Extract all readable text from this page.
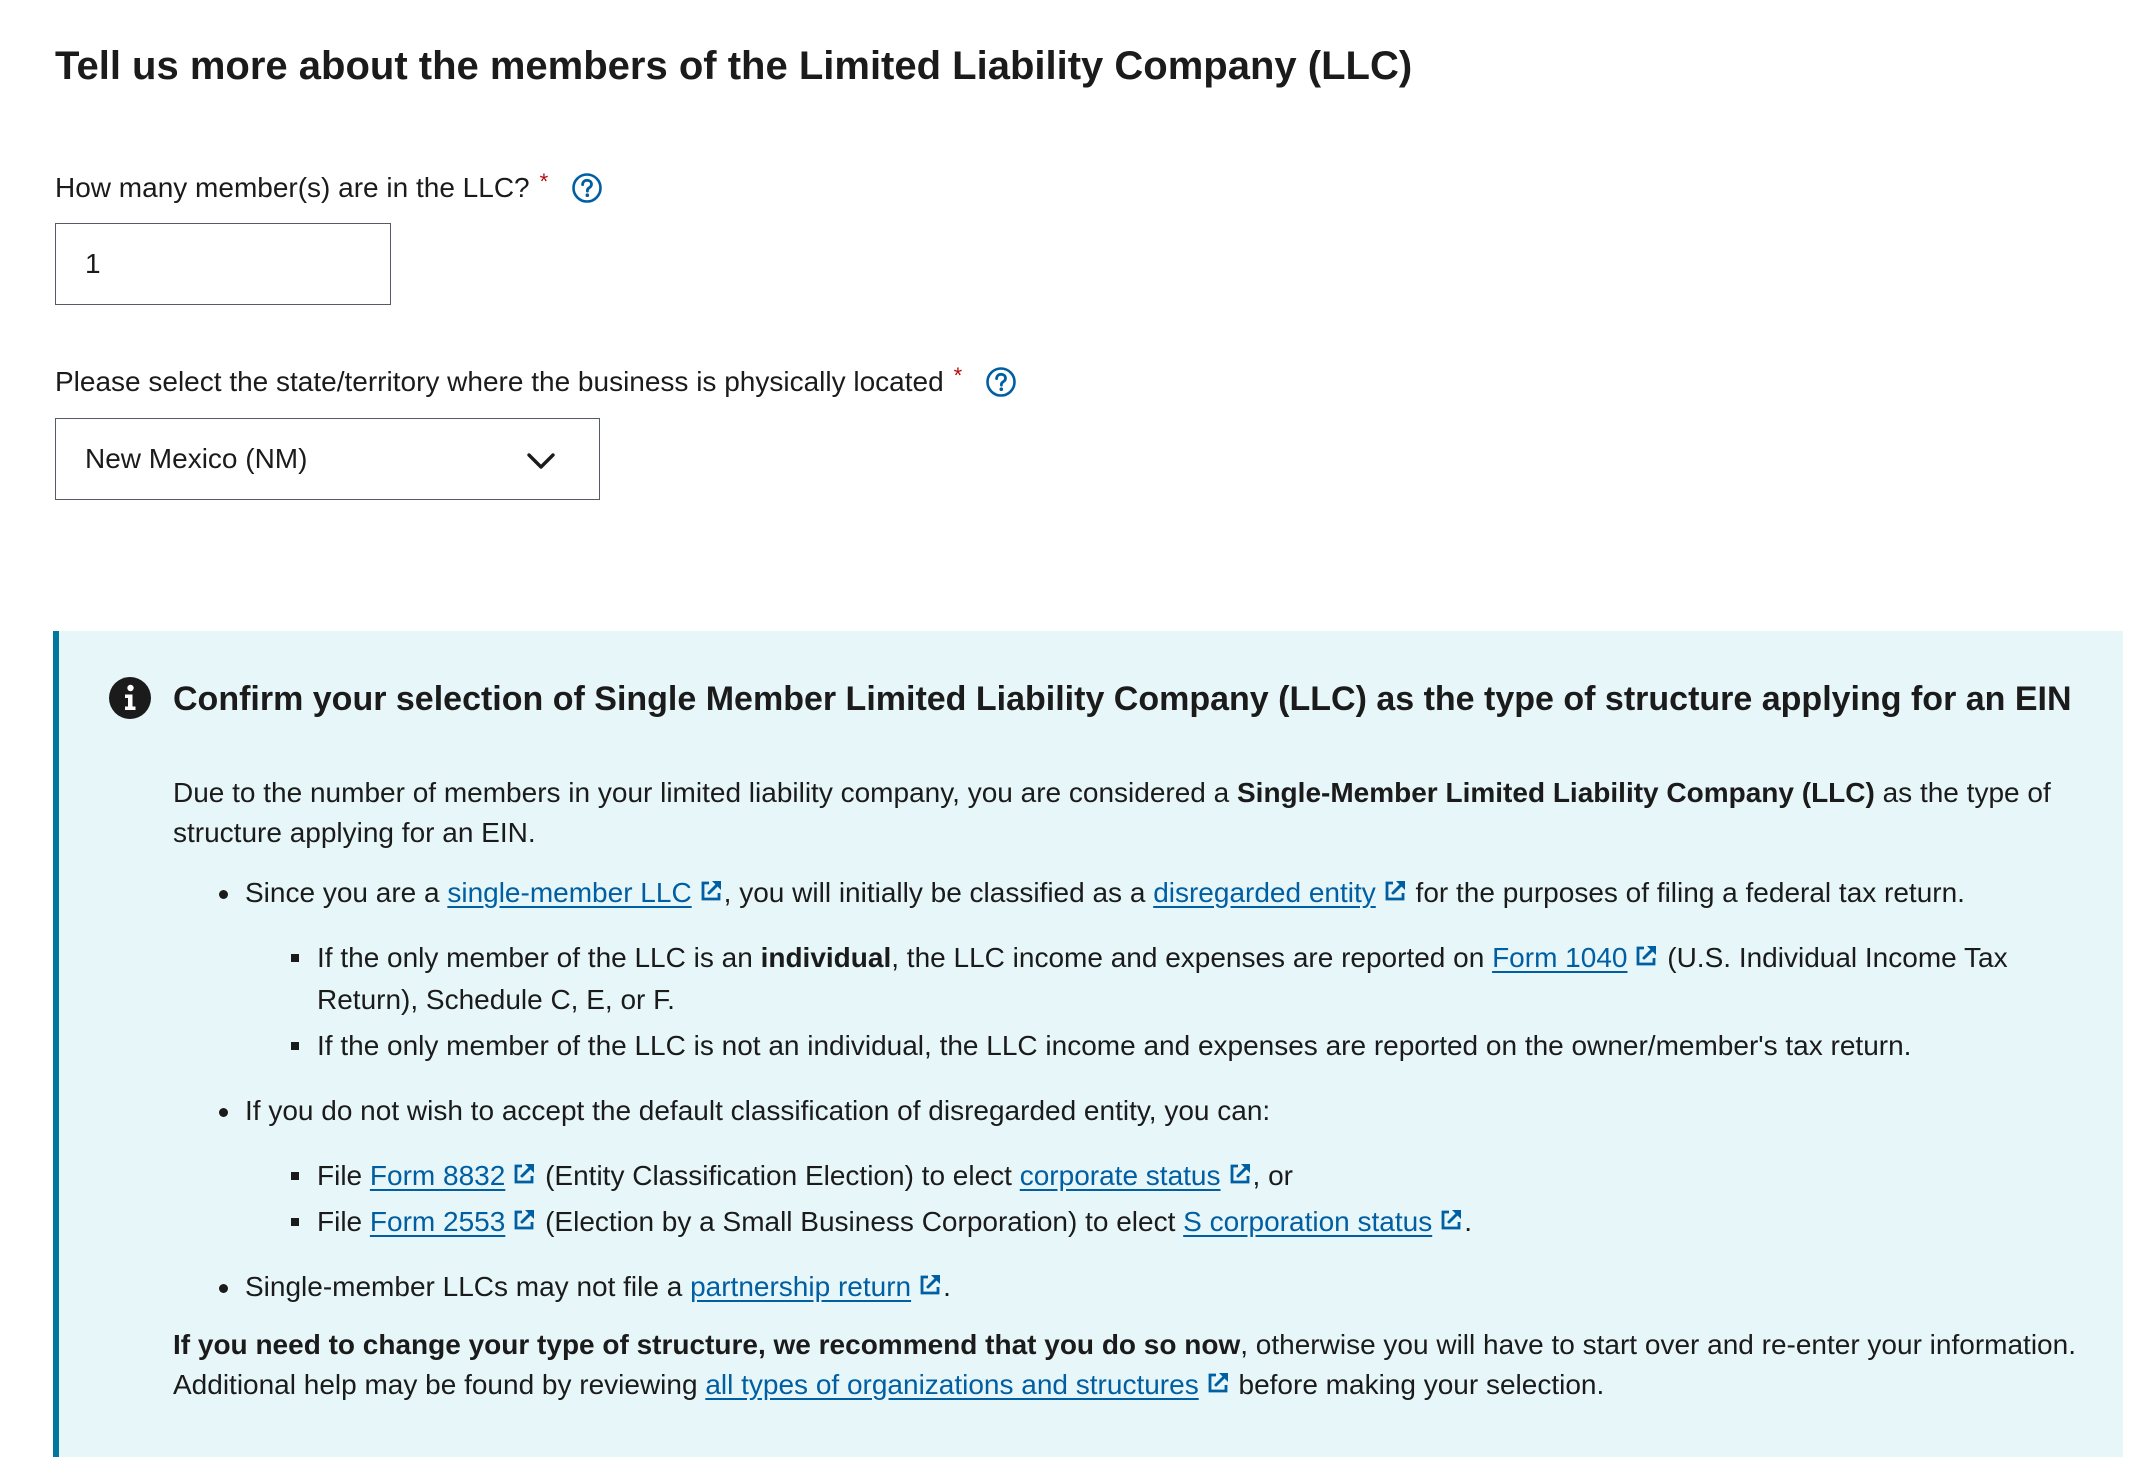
Tell us more about the members of the Limited Liability Company (LLC)
How many member(s) are in the LLC? *
1
Please select the state/territory where the business is physically located *
New Mexico (NM)
Confirm your selection of Single Member Limited Liability Company (LLC) as the type of structure applying for an EIN

Due to the number of members in your limited liability company, you are considered a Single-Member Limited Liability Company (LLC) as the type of structure applying for an EIN.

Since you are a single-member LLC , you will initially be classified as a disregarded entity for the purposes of filing a federal tax return.
If the only member of the LLC is an individual, the LLC income and expenses are reported on Form 1040 (U.S. Individual Income Tax Return), Schedule C, E, or F.
If the only member of the LLC is not an individual, the LLC income and expenses are reported on the owner/member's tax return.
If you do not wish to accept the default classification of disregarded entity, you can:
File Form 8832 (Entity Classification Election) to elect corporate status , or
File Form 2553 (Election by a Small Business Corporation) to elect S corporation status .
Single-member LLCs may not file a partnership return .

If you need to change your type of structure, we recommend that you do so now, otherwise you will have to start over and re-enter your information. Additional help may be found by reviewing all types of organizations and structures before making your selection.
